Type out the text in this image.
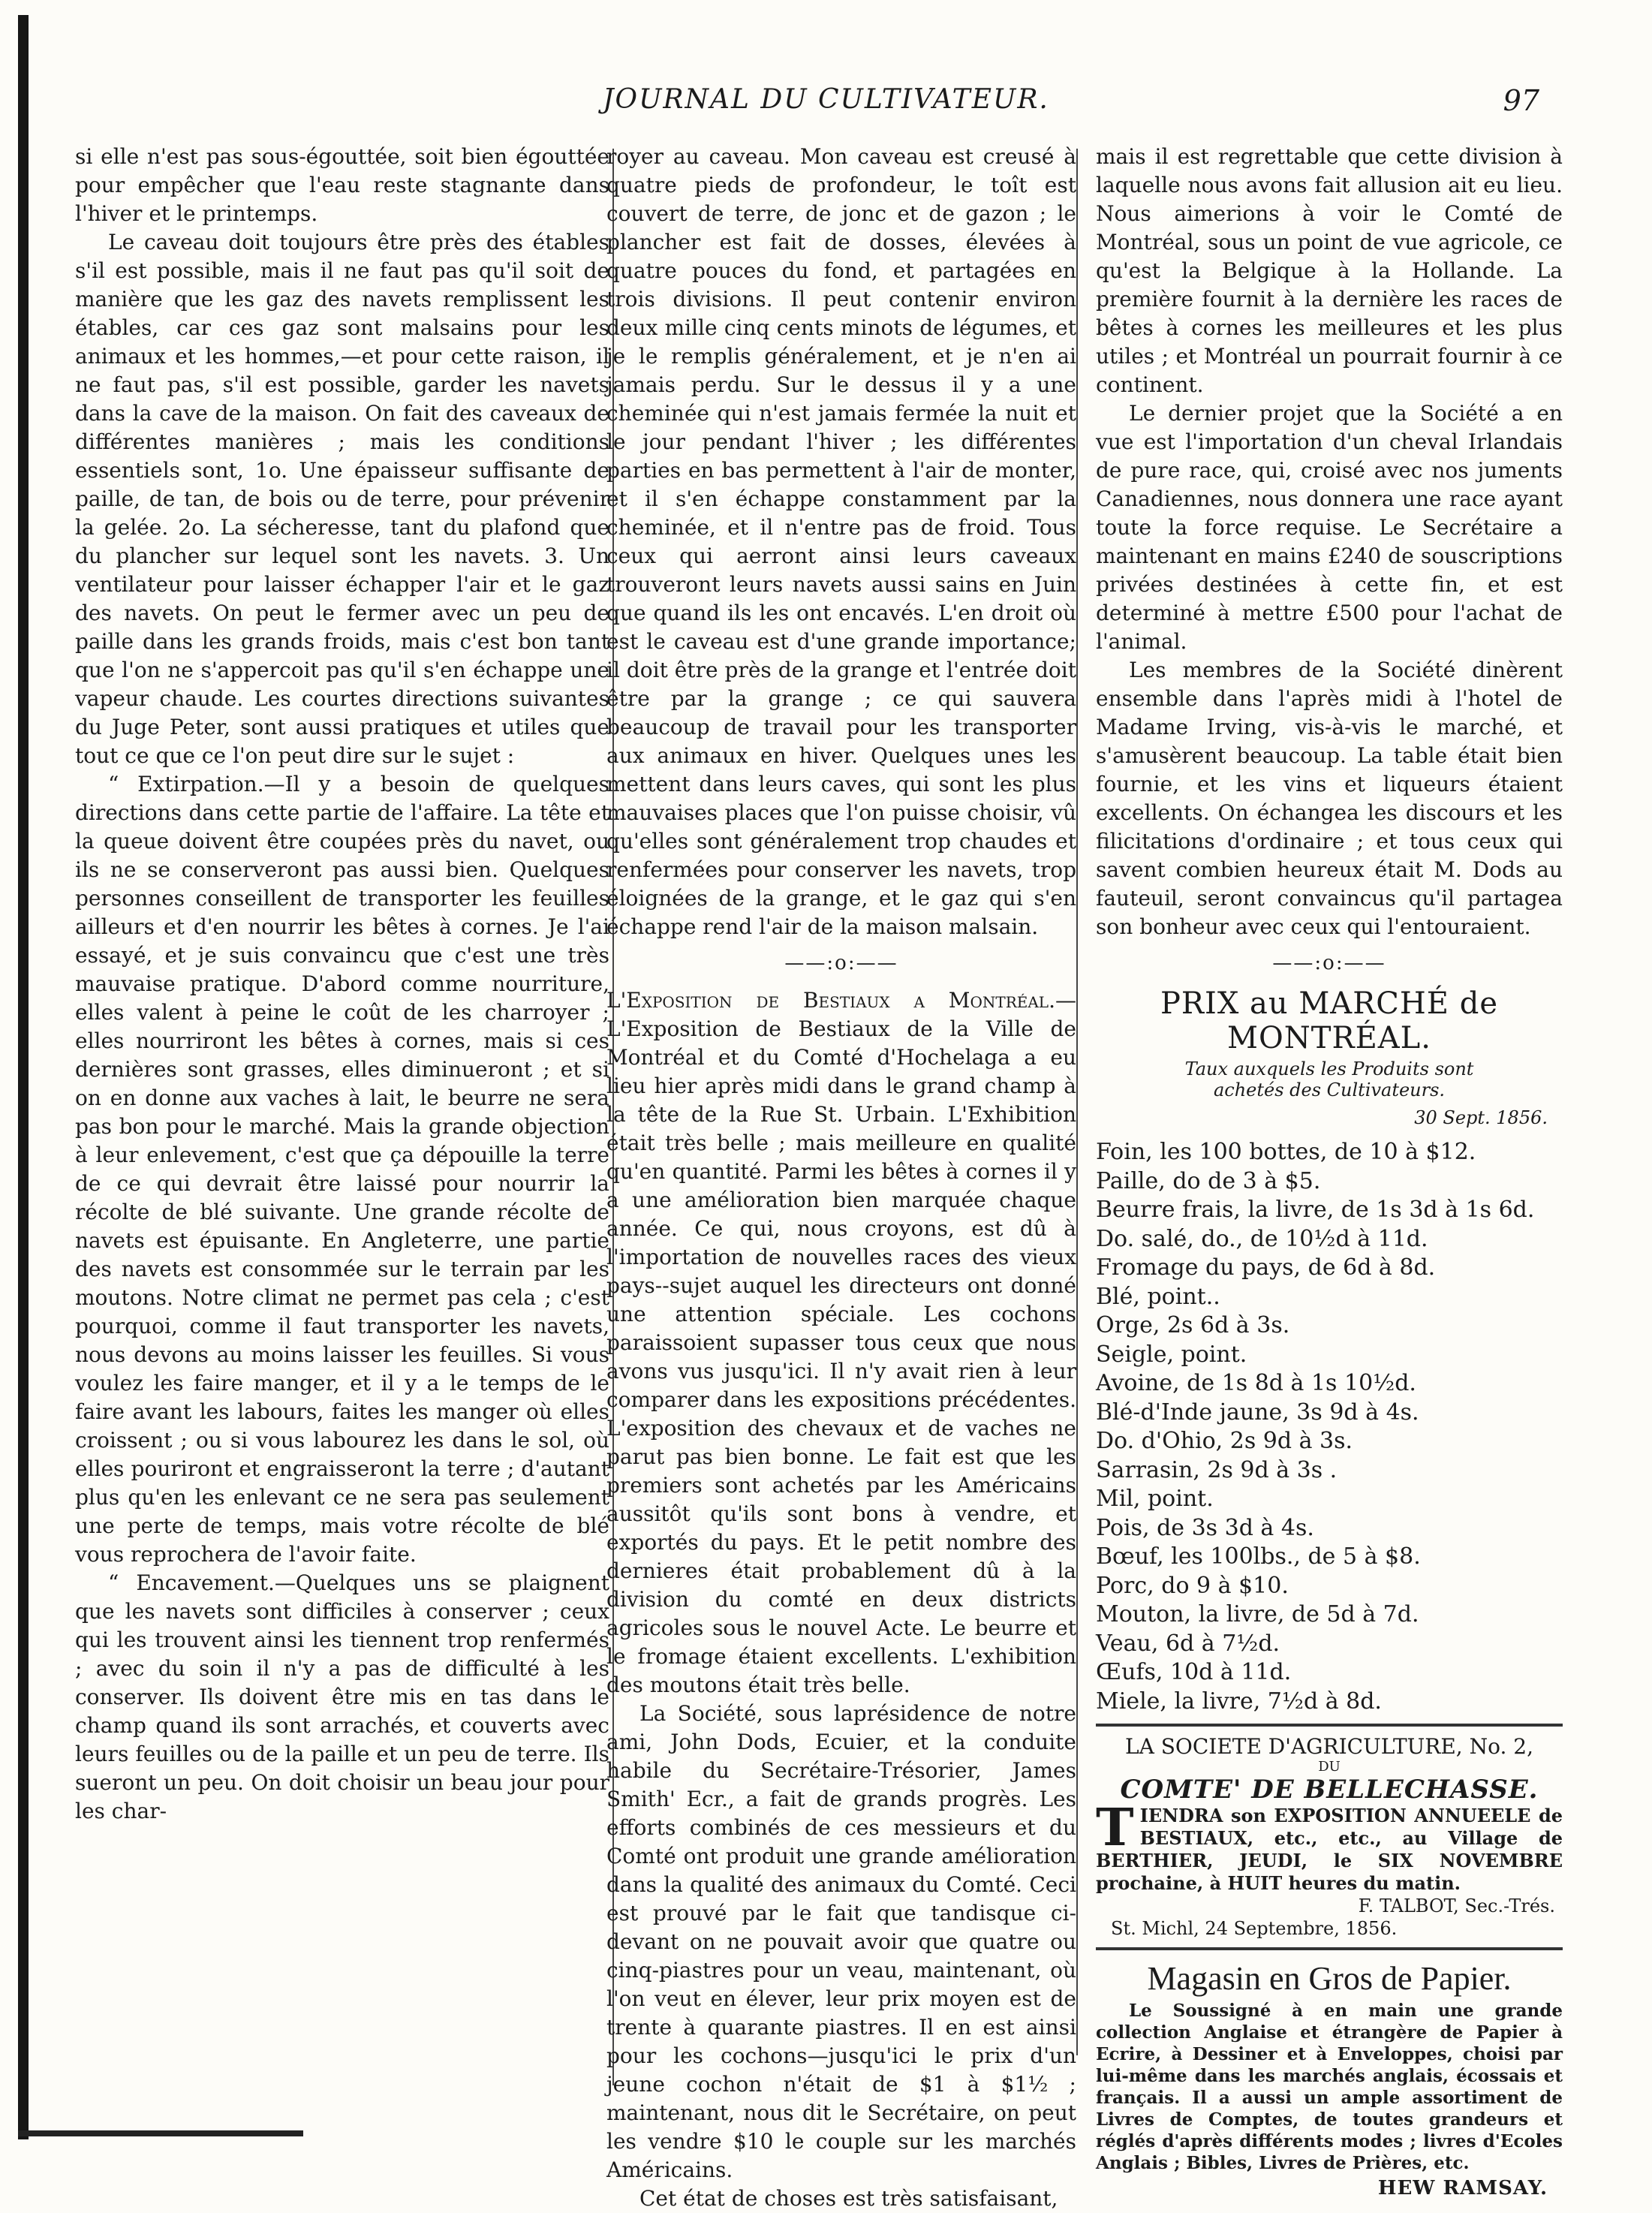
JOURNAL DU CULTIVATEUR.	97

si elle n'est pas sous-égouttée, soit bien égouttée pour empêcher que l'eau reste stagnante dans l'hiver et le printemps.

Le caveau doit toujours être près des étables s'il est possible, mais il ne faut pas qu'il soit de manière que les gaz des navets remplissent les étables, car ces gaz sont malsains pour les animaux et les hommes,—et pour cette raison, il ne faut pas, s'il est possible, garder les navets dans la cave de la maison. On fait des caveaux de différentes manières ; mais les conditions essentiels sont, 1o. Une épaisseur suffisante de paille, de tan, de bois ou de terre, pour prévenir la gelée. 2o. La sécheresse, tant du plafond que du plancher sur lequel sont les navets. 3. Un ventilateur pour laisser échapper l'air et le gaz des navets. On peut le fermer avec un peu de paille dans les grands froids, mais c'est bon tant que l'on ne s'appercoit pas qu'il s'en échappe une vapeur chaude. Les courtes directions suivantes du Juge Peter, sont aussi pratiques et utiles que tout ce que ce l'on peut dire sur le sujet :

“ Extirpation.—Il y a besoin de quelques directions dans cette partie de l'affaire. La tête et la queue doivent être coupées près du navet, ou ils ne se conserveront pas aussi bien. Quelques personnes conseillent de transporter les feuilles ailleurs et d'en nourrir les bêtes à cornes. Je l'ai essayé, et je suis convaincu que c'est une très mauvaise pratique. D'abord comme nourriture, elles valent à peine le coût de les charroyer ; elles nourriront les bêtes à cornes, mais si ces dernières sont grasses, elles diminueront ; et si on en donne aux vaches à lait, le beurre ne sera pas bon pour le marché. Mais la grande objection à leur enlevement, c'est que ça dépouille la terre de ce qui devrait être laissé pour nourrir la récolte de blé suivante. Une grande récolte de navets est épuisante. En Angleterre, une partie des navets est consommée sur le terrain par les moutons. Notre climat ne permet pas cela ; c'est pourquoi, comme il faut transporter les navets, nous devons au moins laisser les feuilles. Si vous voulez les faire manger, et il y a le temps de le faire avant les labours, faites les manger où elles croissent ; ou si vous labourez les dans le sol, où elles pouriront et engraisseront la terre ; d'autant plus qu'en les enlevant ce ne sera pas seulement une perte de temps, mais votre récolte de blé vous reprochera de l'avoir faite.

“ Encavement.—Quelques uns se plaignent que les navets sont difficiles à conserver ; ceux qui les trouvent ainsi les tiennent trop renfermés ; avec du soin il n'y a pas de difficulté à les conserver. Ils doivent être mis en tas dans le champ quand ils sont arrachés, et couverts avec leurs feuilles ou de la paille et un peu de terre. Ils sueront un peu. On doit choisir un beau jour pour les char-

royer au caveau. Mon caveau est creusé à quatre pieds de profondeur, le toît est couvert de terre, de jonc et de gazon ; le plancher est fait de dosses, élevées à quatre pouces du fond, et partagées en trois divisions. Il peut contenir environ deux mille cinq cents minots de légumes, et je le remplis généralement, et je n'en ai jamais perdu. Sur le dessus il y a une cheminée qui n'est jamais fermée la nuit et le jour pendant l'hiver ; les différentes parties en bas permettent à l'air de monter, et il s'en échappe constamment par la cheminée, et il n'entre pas de froid. Tous ceux qui aerront ainsi leurs caveaux trouveront leurs navets aussi sains en Juin que quand ils les ont encavés. L'en droit où est le caveau est d'une grande importance; il doit être près de la grange et l'entrée doit être par la grange ; ce qui sauvera beaucoup de travail pour les transporter aux animaux en hiver. Quelques unes les mettent dans leurs caves, qui sont les plus mauvaises places que l'on puisse choisir, vû qu'elles sont généralement trop chaudes et renfermées pour conserver les navets, trop éloignées de la grange, et le gaz qui s'en échappe rend l'air de la maison malsain.

——:o:——

L'Exposition de Bestiaux a Montréal.—L'Exposition de Bestiaux de la Ville de Montréal et du Comté d'Hochelaga a eu lieu hier après midi dans le grand champ à la tête de la Rue St. Urbain. L'Exhibition était très belle ; mais meilleure en qualité qu'en quantité. Parmi les bêtes à cornes il y a une amélioration bien marquée chaque année. Ce qui, nous croyons, est dû à l'importation de nouvelles races des vieux pays--sujet auquel les directeurs ont donné une attention spéciale. Les cochons paraissoient supasser tous ceux que nous avons vus jusqu'ici. Il n'y avait rien à leur comparer dans les expositions précédentes. L'exposition des chevaux et de vaches ne parut pas bien bonne. Le fait est que les premiers sont achetés par les Américains aussitôt qu'ils sont bons à vendre, et exportés du pays. Et le petit nombre des dernieres était probablement dû à la division du comté en deux districts agricoles sous le nouvel Acte. Le beurre et le fromage étaient excellents. L'exhibition des moutons était très belle.

La Société, sous laprésidence de notre ami, John Dods, Ecuier, et la conduite habile du Secrétaire-Trésorier, James Smith' Ecr., a fait de grands progrès. Les efforts combinés de ces messieurs et du Comté ont produit une grande amélioration dans la qualité des animaux du Comté. Ceci est prouvé par le fait que tandisque ci-devant on ne pouvait avoir que quatre ou cinq-piastres pour un veau, maintenant, où l'on veut en élever, leur prix moyen est de trente à quarante piastres. Il en est ainsi pour les cochons—jusqu'ici le prix d'un jeune cochon n'était de $1 à $1½ ; maintenant, nous dit le Secrétaire, on peut les vendre $10 le couple sur les marchés Américains.

Cet état de choses est très satisfaisant,

mais il est regrettable que cette division à laquelle nous avons fait allusion ait eu lieu. Nous aimerions à voir le Comté de Montréal, sous un point de vue agricole, ce qu'est la Belgique à la Hollande. La première fournit à la dernière les races de bêtes à cornes les meilleures et les plus utiles ; et Montréal un pourrait fournir à ce continent.

Le dernier projet que la Société a en vue est l'importation d'un cheval Irlandais de pure race, qui, croisé avec nos juments Canadiennes, nous donnera une race ayant toute la force requise. Le Secrétaire a maintenant en mains £240 de souscriptions privées destinées à cette fin, et est determiné à mettre £500 pour l'achat de l'animal.

Les membres de la Société dinèrent ensemble dans l'après midi à l'hotel de Madame Irving, vis-à-vis le marché, et s'amusèrent beaucoup. La table était bien fournie, et les vins et liqueurs étaient excellents. On échangea les discours et les filicitations d'ordinaire ; et tous ceux qui savent combien heureux était M. Dods au fauteuil, seront convaincus qu'il partagea son bonheur avec ceux qui l'entouraient.

——:o:——
PRIX au MARCHÉ de MONTRÉAL.
Taux auxquels les Produits sont achetés des Cultivateurs.
30 Sept. 1856.
Foin, les 100 bottes, de 10 à $12.
Paille, do de 3 à $5.
Beurre frais, la livre, de 1s 3d à 1s 6d.
Do. salé, do., de 10½d à 11d.
Fromage du pays, de 6d à 8d.
Blé, point..
Orge, 2s 6d à 3s.
Seigle, point.
Avoine, de 1s 8d à 1s 10½d.
Blé-d'Inde jaune, 3s 9d à 4s.
Do. d'Ohio, 2s 9d à 3s.
Sarrasin, 2s 9d à 3s .
Mil, point.
Pois, de 3s 3d à 4s.
Bœuf, les 100lbs., de 5 à $8.
Porc, do 9 à $10.
Mouton, la livre, de 5d à 7d.
Veau, 6d à 7½d.
Œufs, 10d à 11d.
Miele, la livre, 7½d à 8d.
LA SOCIETE D'AGRICULTURE, No. 2,
DU
COMTE' DE BELLECHASSE.
TIENDRA son EXPOSITION ANNUEELE de BESTIAUX, etc., etc., au Village de BERTHIER, JEUDI, le SIX NOVEMBRE prochaine, à HUIT heures du matin.
F. TALBOT, Sec.-Trés.
St. Michl, 24 Septembre, 1856.
Magasin en Gros de Papier.

Le Soussigné à en main une grande collection Anglaise et étrangère de Papier à Ecrire, à Dessiner et à Enveloppes, choisi par lui-même dans les marchés anglais, écossais et français. Il a aussi un ample assortiment de Livres de Comptes, de toutes grandeurs et réglés d'après différents modes ; livres d'Ecoles Anglais ; Bibles, Livres de Prières, etc.

HEW RAMSAY.
